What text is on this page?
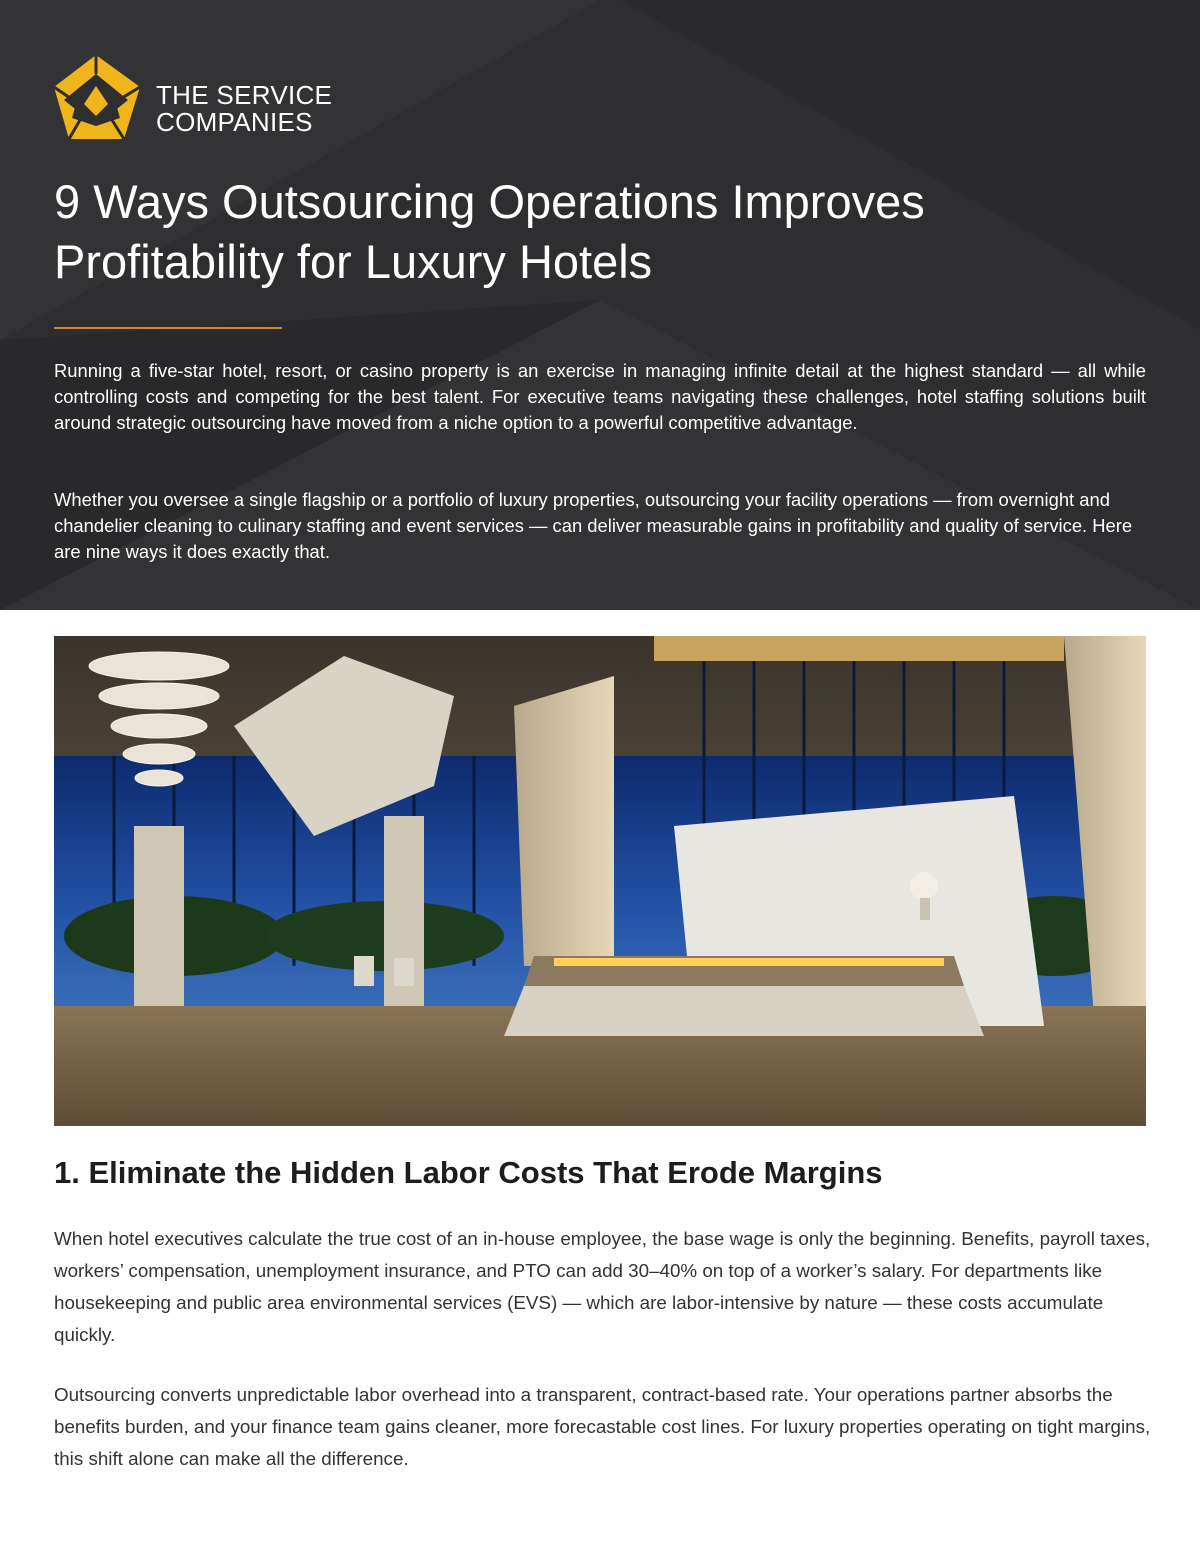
THE SERVICE
COMPANIES
9 Ways Outsourcing Operations Improves
Profitability for Luxury Hotels

Running a five-star hotel, resort, or casino property is an exercise in managing infinite detail at the highest standard — all while controlling costs and competing for the best talent. For executive teams navigating these challenges, hotel staffing solutions built around strategic outsourcing have moved from a niche option to a powerful competitive advantage.

Whether you oversee a single flagship or a portfolio of luxury properties, outsourcing your facility operations — from overnight and chandelier cleaning to culinary staffing and event services — can deliver measurable gains in profitability and quality of service. Here are nine ways it does exactly that.

1. Eliminate the Hidden Labor Costs That Erode Margins

When hotel executives calculate the true cost of an in-house employee, the base wage is only the beginning. Benefits, payroll taxes, workers’ compensation, unemployment insurance, and PTO can add 30–40% on top of a worker’s salary. For departments like housekeeping and public area environmental services (EVS) — which are labor-intensive by nature — these costs accumulate quickly.

Outsourcing converts unpredictable labor overhead into a transparent, contract-based rate. Your operations partner absorbs the benefits burden, and your finance team gains cleaner, more forecastable cost lines. For luxury properties operating on tight margins, this shift alone can make all the difference.
